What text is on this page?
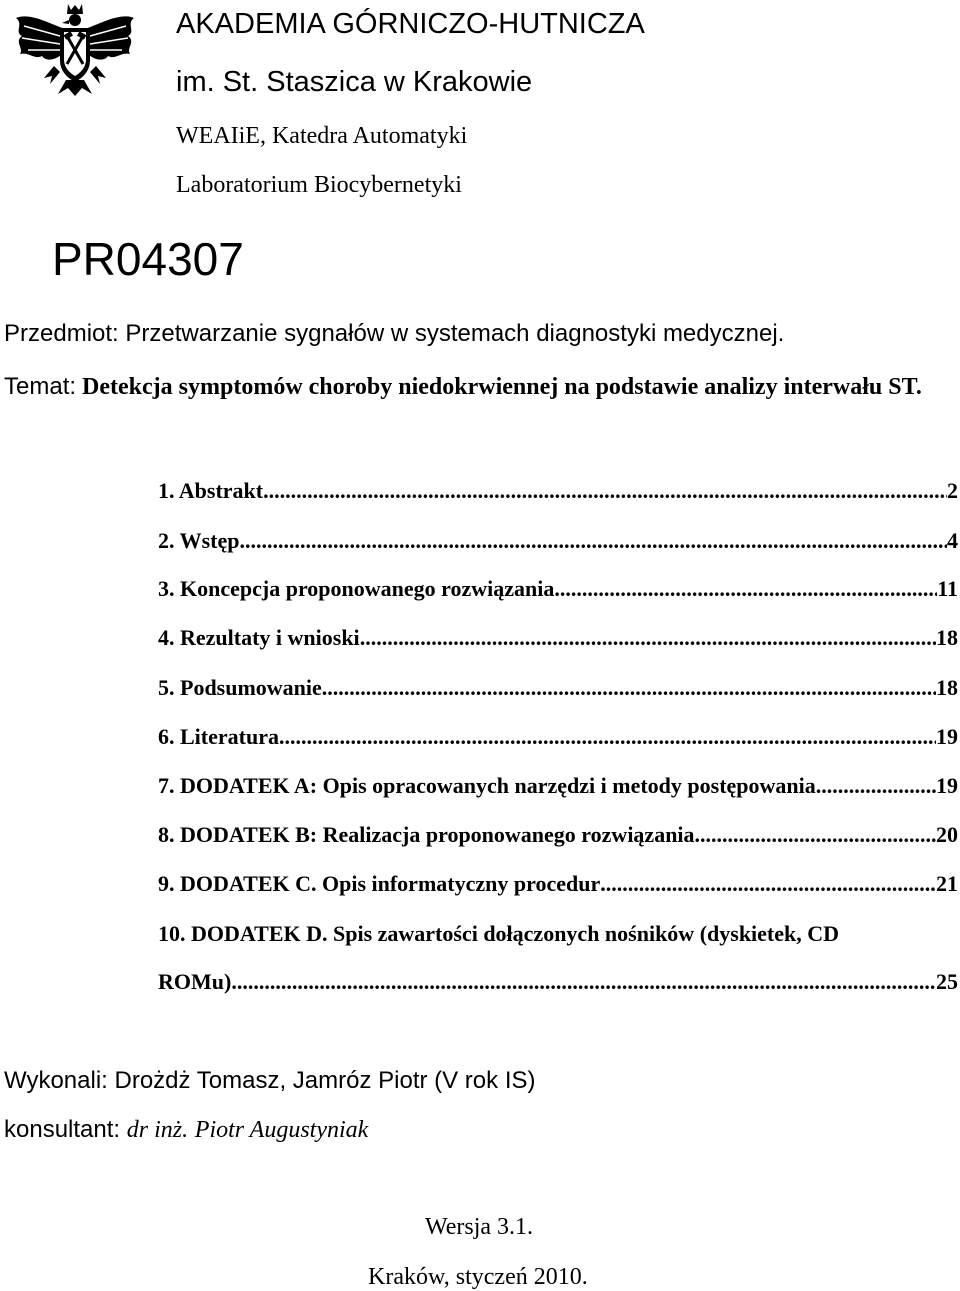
AKADEMIA GÓRNICZO-HUTNICZA
im. St. Staszica w Krakowie
WEAIiE, Katedra Automatyki
Laboratorium Biocybernetyki
PR04307
Przedmiot: Przetwarzanie sygnałów w systemach diagnostyki medycznej.
Temat: Detekcja symptomów choroby niedokrwiennej na podstawie analizy interwału ST.
1. Abstrakt .....	2
2. Wstęp .....	4
3. Koncepcja proponowanego rozwiązania .....	11
4. Rezultaty i wnioski .....	18
5. Podsumowanie .....	18
6. Literatura .....	19
7. DODATEK A: Opis opracowanych narzędzi i metody postępowania .....	19
8. DODATEK B: Realizacja proponowanego rozwiązania .....	20
9. DODATEK C. Opis informatyczny procedur .....	21
10. DODATEK D. Spis zawartości dołączonych nośników (dyskietek, CD
ROMu) .....	25
Wykonali: Drożdż Tomasz, Jamróz Piotr (V rok IS)
konsultant: dr inż. Piotr Augustyniak
Wersja 3.1.
Kraków, styczeń 2010.
